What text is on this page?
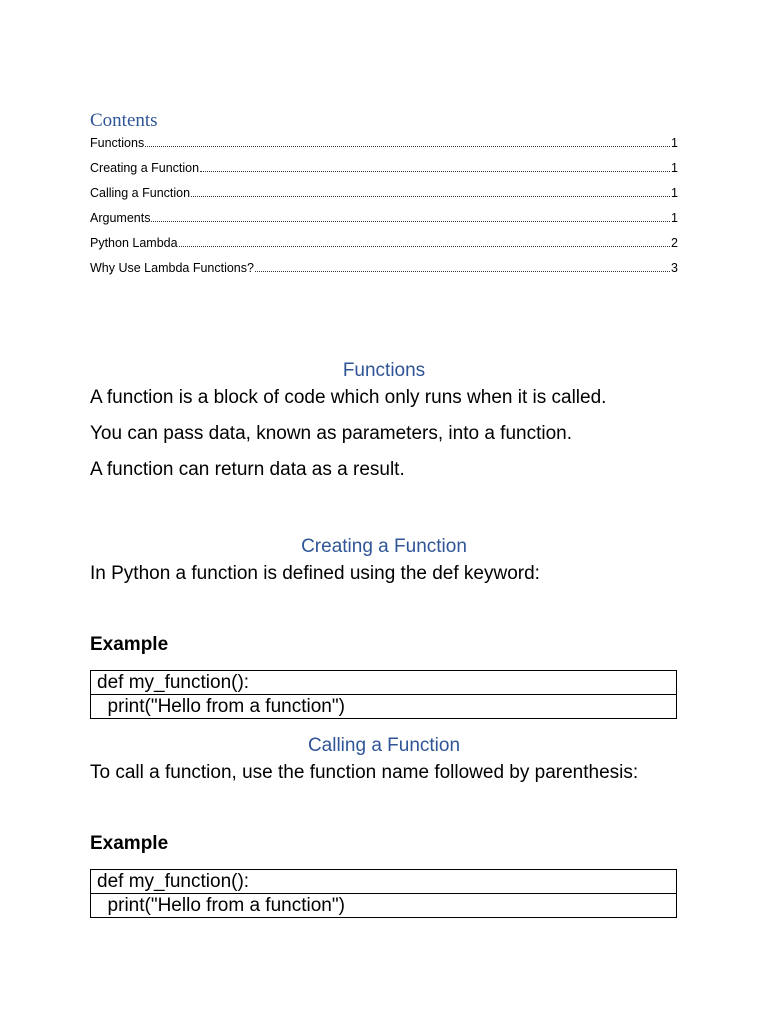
Contents
Functions	1
Creating a Function	1
Calling a Function	1
Arguments	1
Python Lambda	2
Why Use Lambda Functions?	3
Functions

A function is a block of code which only runs when it is called.

You can pass data, known as parameters, into a function.

A function can return data as a result.

Creating a Function

In Python a function is defined using the def keyword:

Example

def my_function():
print("Hello from a function")
Calling a Function

To call a function, use the function name followed by parenthesis:

Example

def my_function():
print("Hello from a function")
